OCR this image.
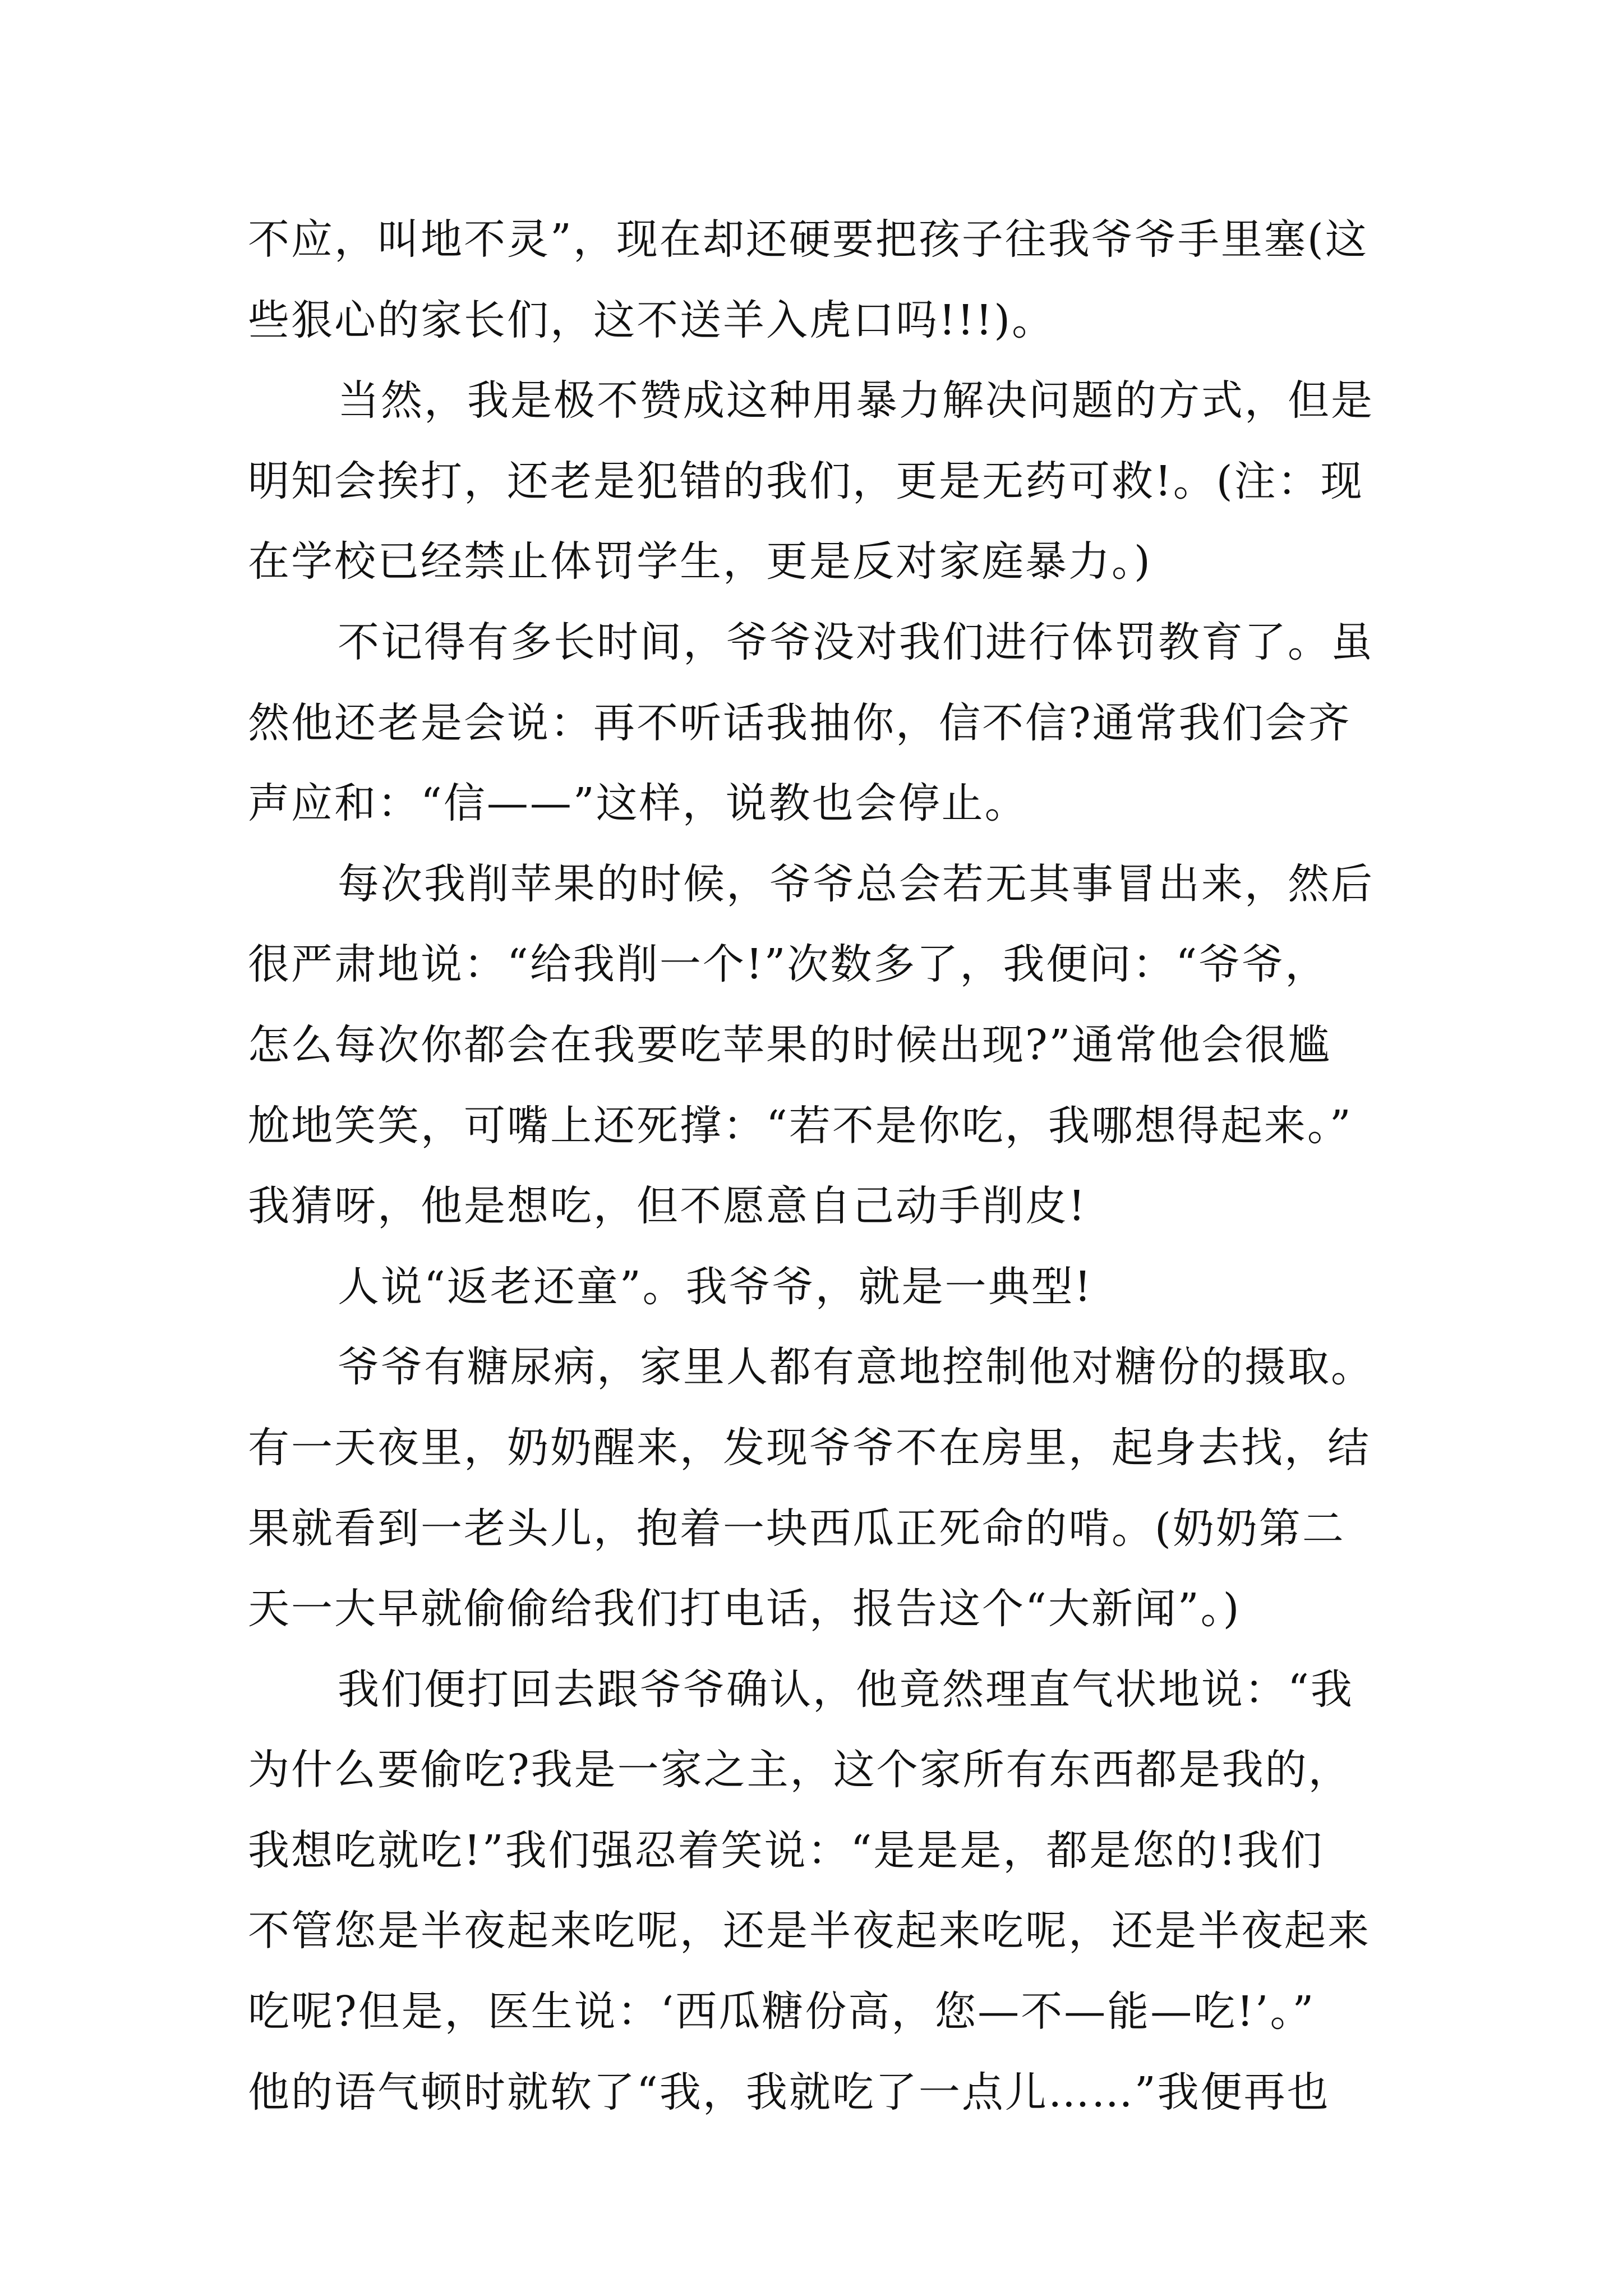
不应，叫地不灵”，现在却还硬要把孩子往我爷爷手里塞(这
些狠心的家长们，这不送羊入虎口吗!!!)。
当然，我是极不赞成这种用暴力解决问题的方式，但是
明知会挨打，还老是犯错的我们，更是无药可救!。(注：现
在学校已经禁止体罚学生，更是反对家庭暴力。)
不记得有多长时间，爷爷没对我们进行体罚教育了。虽
然他还老是会说：再不听话我抽你，信不信?通常我们会齐
声应和：“信——”这样，说教也会停止。
每次我削苹果的时候，爷爷总会若无其事冒出来，然后
很严肃地说：“给我削一个!”次数多了，我便问：“爷爷，
怎么每次你都会在我要吃苹果的时候出现?”通常他会很尴
尬地笑笑，可嘴上还死撑：“若不是你吃，我哪想得起来。”
我猜呀，他是想吃，但不愿意自己动手削皮!
人说“返老还童”。我爷爷，就是一典型!
爷爷有糖尿病，家里人都有意地控制他对糖份的摄取。
有一天夜里，奶奶醒来，发现爷爷不在房里，起身去找，结
果就看到一老头儿，抱着一块西瓜正死命的啃。(奶奶第二
天一大早就偷偷给我们打电话，报告这个“大新闻”。)
我们便打回去跟爷爷确认，他竟然理直气状地说：“我
为什么要偷吃?我是一家之主，这个家所有东西都是我的，
我想吃就吃!”我们强忍着笑说：“是是是，都是您的!我们
不管您是半夜起来吃呢，还是半夜起来吃呢，还是半夜起来
吃呢?但是，医生说：‘西瓜糖份高，您—不—能—吃!’。”
他的语气顿时就软了“我，我就吃了一点儿……”我便再也
